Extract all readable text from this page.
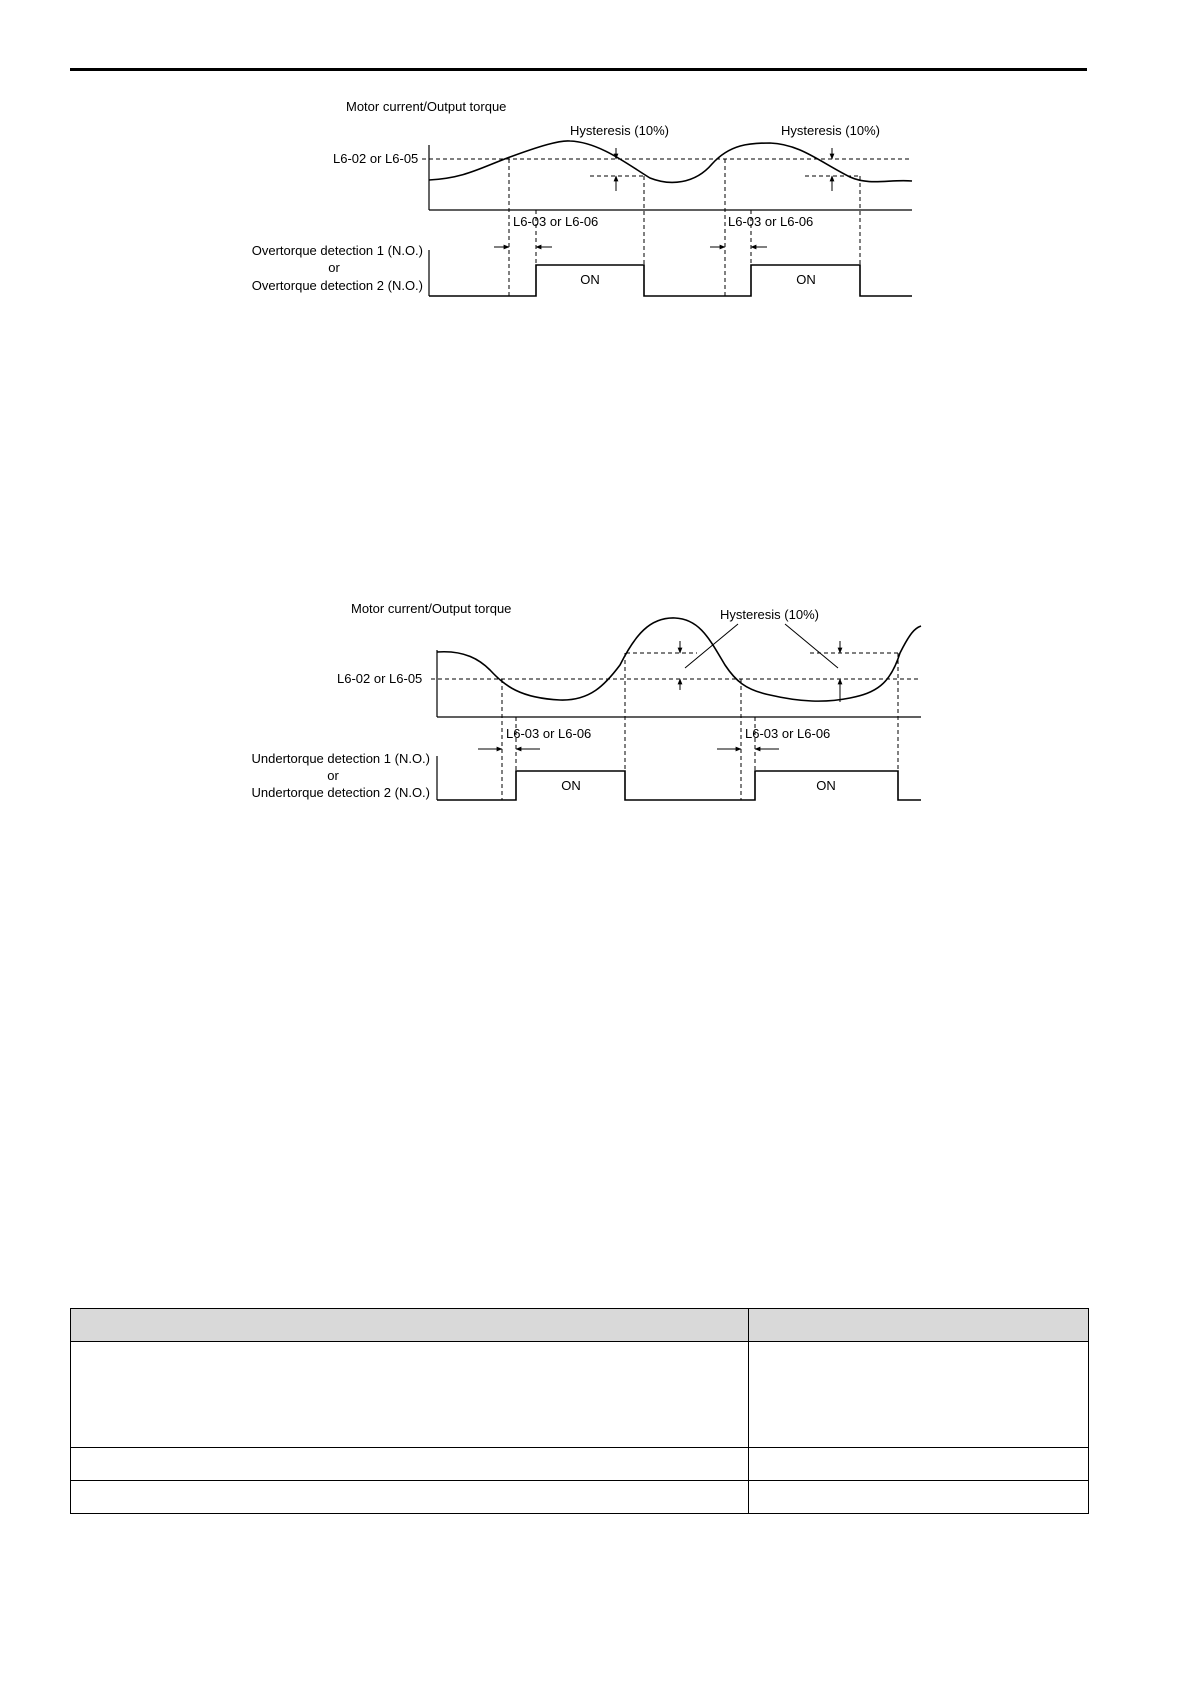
Motor current/Output torque
L6-02 or L6-05
Hysteresis (10%)	Hysteresis (10%)
L6-03 or L6-06	L6-03 or L6-06
Overtorque detection 1 (N.O.)
or
Overtorque detection 2 (N.O.)	ON	ON
Motor current/Output torque
L6-02 or L6-05
Hysteresis (10%)
L6-03 or L6-06	L6-03 or L6-06
Undertorque detection 1 (N.O.)
or
Undertorque detection 2 (N.O.)	ON	ON
